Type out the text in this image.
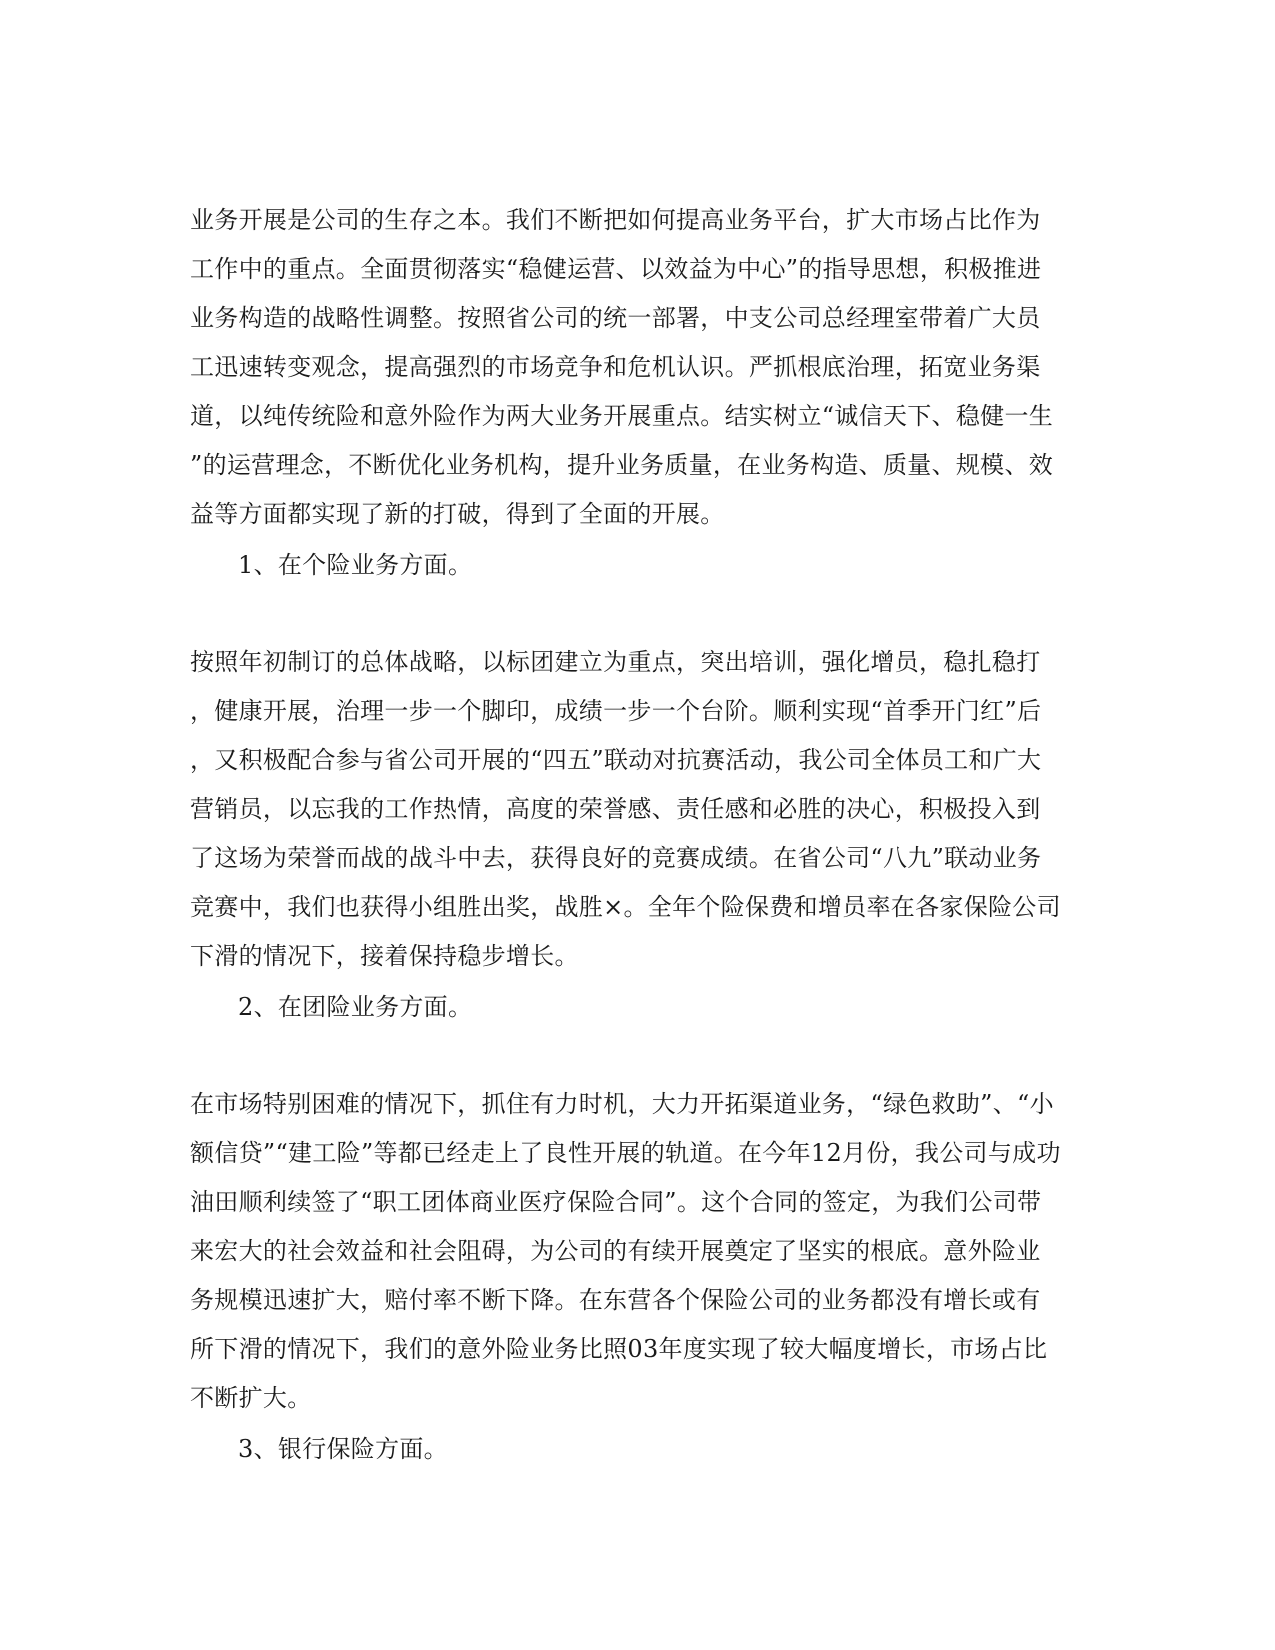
业务开展是公司的生存之本。我们不断把如何提高业务平台，扩大市场占比作为
工作中的重点。全面贯彻落实“稳健运营、以效益为中心”的指导思想，积极推进
业务构造的战略性调整。按照省公司的统一部署，中支公司总经理室带着广大员
工迅速转变观念，提高强烈的市场竞争和危机认识。严抓根底治理，拓宽业务渠
道，以纯传统险和意外险作为两大业务开展重点。结实树立“诚信天下、稳健一生
”的运营理念，不断优化业务机构，提升业务质量，在业务构造、质量、规模、效
益等方面都实现了新的打破，得到了全面的开展。
1、在个险业务方面。
按照年初制订的总体战略，以标团建立为重点，突出培训，强化增员，稳扎稳打
，健康开展，治理一步一个脚印，成绩一步一个台阶。顺利实现“首季开门红”后
，又积极配合参与省公司开展的“四五”联动对抗赛活动，我公司全体员工和广大
营销员，以忘我的工作热情，高度的荣誉感、责任感和必胜的决心，积极投入到
了这场为荣誉而战的战斗中去，获得良好的竞赛成绩。在省公司“八九”联动业务
竞赛中，我们也获得小组胜出奖，战胜×。全年个险保费和增员率在各家保险公司
下滑的情况下，接着保持稳步增长。
2、在团险业务方面。
在市场特别困难的情况下，抓住有力时机，大力开拓渠道业务，“绿色救助”、“小
额信贷”“建工险”等都已经走上了良性开展的轨道。在今年12月份，我公司与成功
油田顺利续签了“职工团体商业医疗保险合同”。这个合同的签定，为我们公司带
来宏大的社会效益和社会阻碍，为公司的有续开展奠定了坚实的根底。意外险业
务规模迅速扩大，赔付率不断下降。在东营各个保险公司的业务都没有增长或有
所下滑的情况下，我们的意外险业务比照03年度实现了较大幅度增长，市场占比
不断扩大。
3、银行保险方面。
